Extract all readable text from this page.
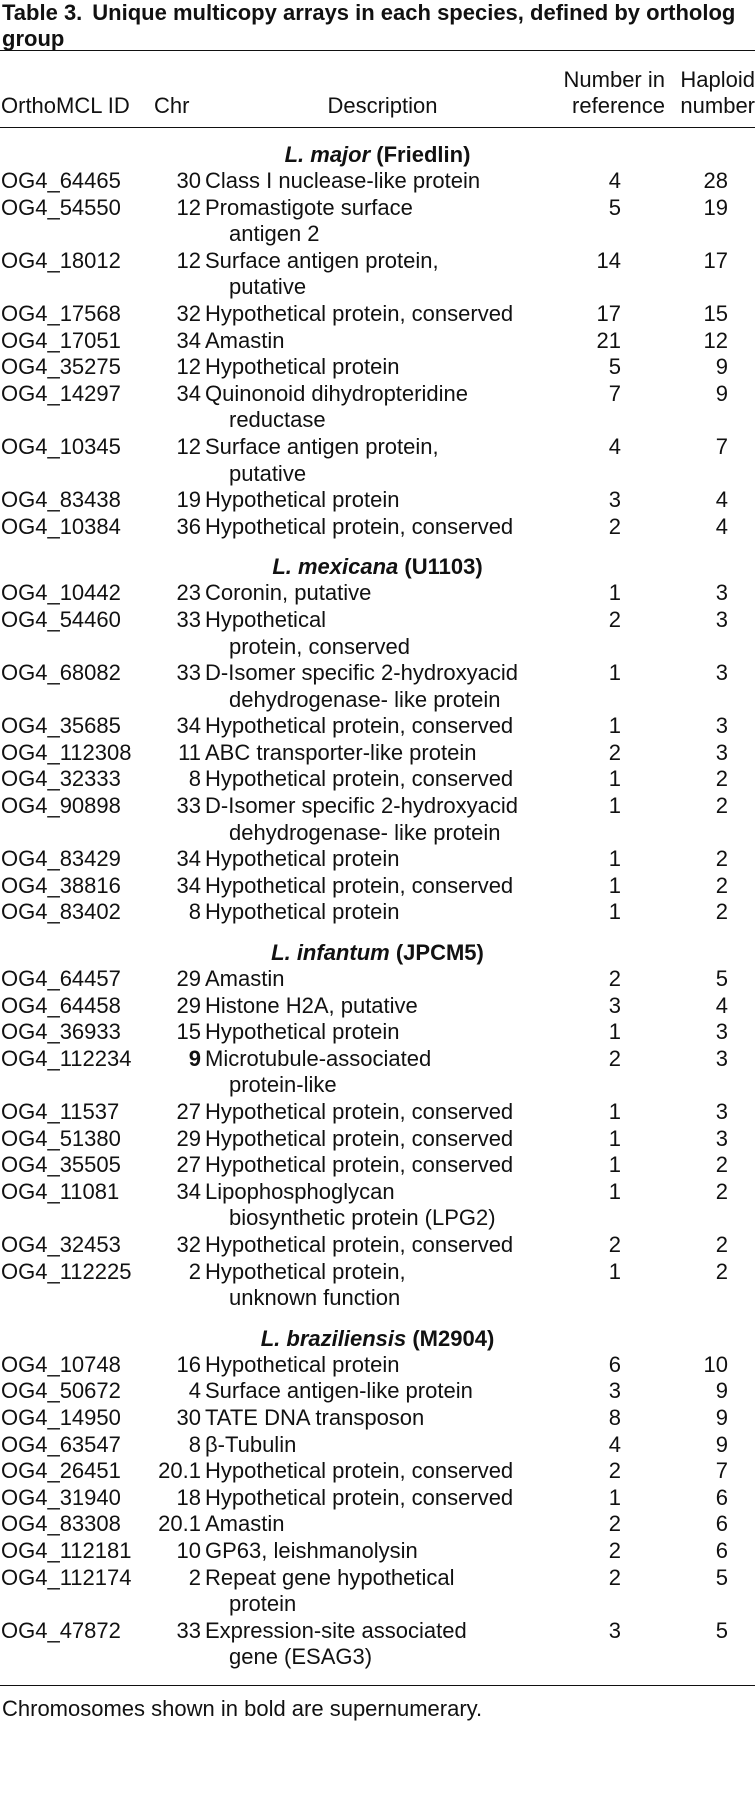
Table 3. Unique multicopy arrays in each species, defined by ortholog group
OrthoMCL ID	Chr	Description	Number in
reference	Haploid
number

L. major (Friedlin)				
OG4_64465	30	Class I nuclease-like protein	4	28
OG4_54550	12	Promastigote surface
antigen 2	5	19
OG4_18012	12	Surface antigen protein,
putative	14	17
OG4_17568	32	Hypothetical protein, conserved	17	15
OG4_17051	34	Amastin	21	12
OG4_35275	12	Hypothetical protein	5	9
OG4_14297	34	Quinonoid dihydropteridine
reductase	7	9
OG4_10345	12	Surface antigen protein,
putative	4	7
OG4_83438	19	Hypothetical protein	3	4
OG4_10384	36	Hypothetical protein, conserved	2	4
L. mexicana (U1103)				
OG4_10442	23	Coronin, putative	1	3
OG4_54460	33	Hypothetical
protein, conserved	2	3
OG4_68082	33	D-Isomer specific 2-hydroxyacid
dehydrogenase- like protein	1	3
OG4_35685	34	Hypothetical protein, conserved	1	3
OG4_112308	11	ABC transporter-like protein	2	3
OG4_32333	8	Hypothetical protein, conserved	1	2
OG4_90898	33	D-Isomer specific 2-hydroxyacid
dehydrogenase- like protein	1	2
OG4_83429	34	Hypothetical protein	1	2
OG4_38816	34	Hypothetical protein, conserved	1	2
OG4_83402	8	Hypothetical protein	1	2
L. infantum (JPCM5)				
OG4_64457	29	Amastin	2	5
OG4_64458	29	Histone H2A, putative	3	4
OG4_36933	15	Hypothetical protein	1	3
OG4_112234	9	Microtubule-associated
protein-like	2	3
OG4_11537	27	Hypothetical protein, conserved	1	3
OG4_51380	29	Hypothetical protein, conserved	1	3
OG4_35505	27	Hypothetical protein, conserved	1	2
OG4_11081	34	Lipophosphoglycan
biosynthetic protein (LPG2)	1	2
OG4_32453	32	Hypothetical protein, conserved	2	2
OG4_112225	2	Hypothetical protein,
unknown function	1	2
L. braziliensis (M2904)				
OG4_10748	16	Hypothetical protein	6	10
OG4_50672	4	Surface antigen-like protein	3	9
OG4_14950	30	TATE DNA transposon	8	9
OG4_63547	8	β-Tubulin	4	9
OG4_26451	20.1	Hypothetical protein, conserved	2	7
OG4_31940	18	Hypothetical protein, conserved	1	6
OG4_83308	20.1	Amastin	2	6
OG4_112181	10	GP63, leishmanolysin	2	6
OG4_112174	2	Repeat gene hypothetical
protein	2	5
OG4_47872	33	Expression-site associated
gene (ESAG3)	3	5
Chromosomes shown in bold are supernumerary.
